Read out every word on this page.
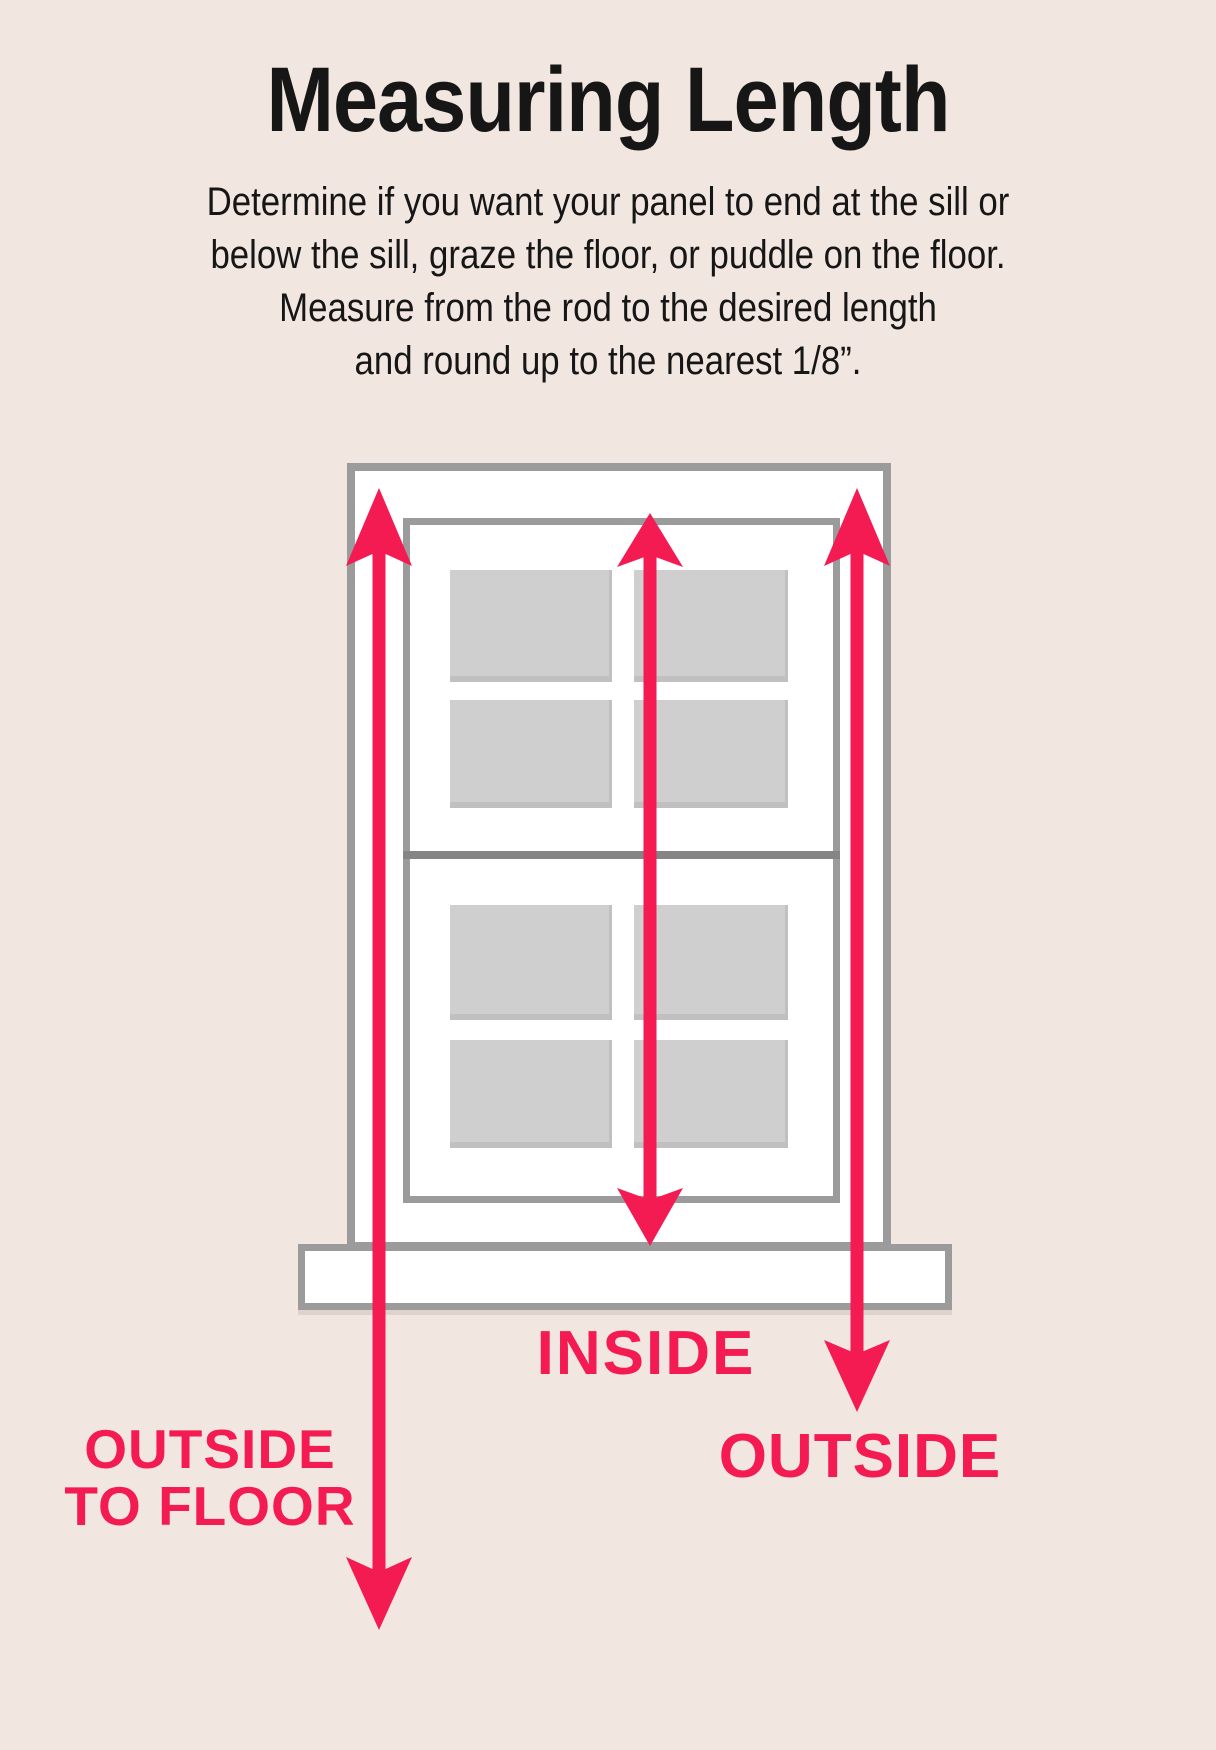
Measuring Length
Determine if you want your panel to end at the sill or
below the sill, graze the floor, or puddle on the floor.
Measure from the rod to the desired length
and round up to the nearest 1/8”.
INSIDE
OUTSIDE
OUTSIDE
TO FLOOR
